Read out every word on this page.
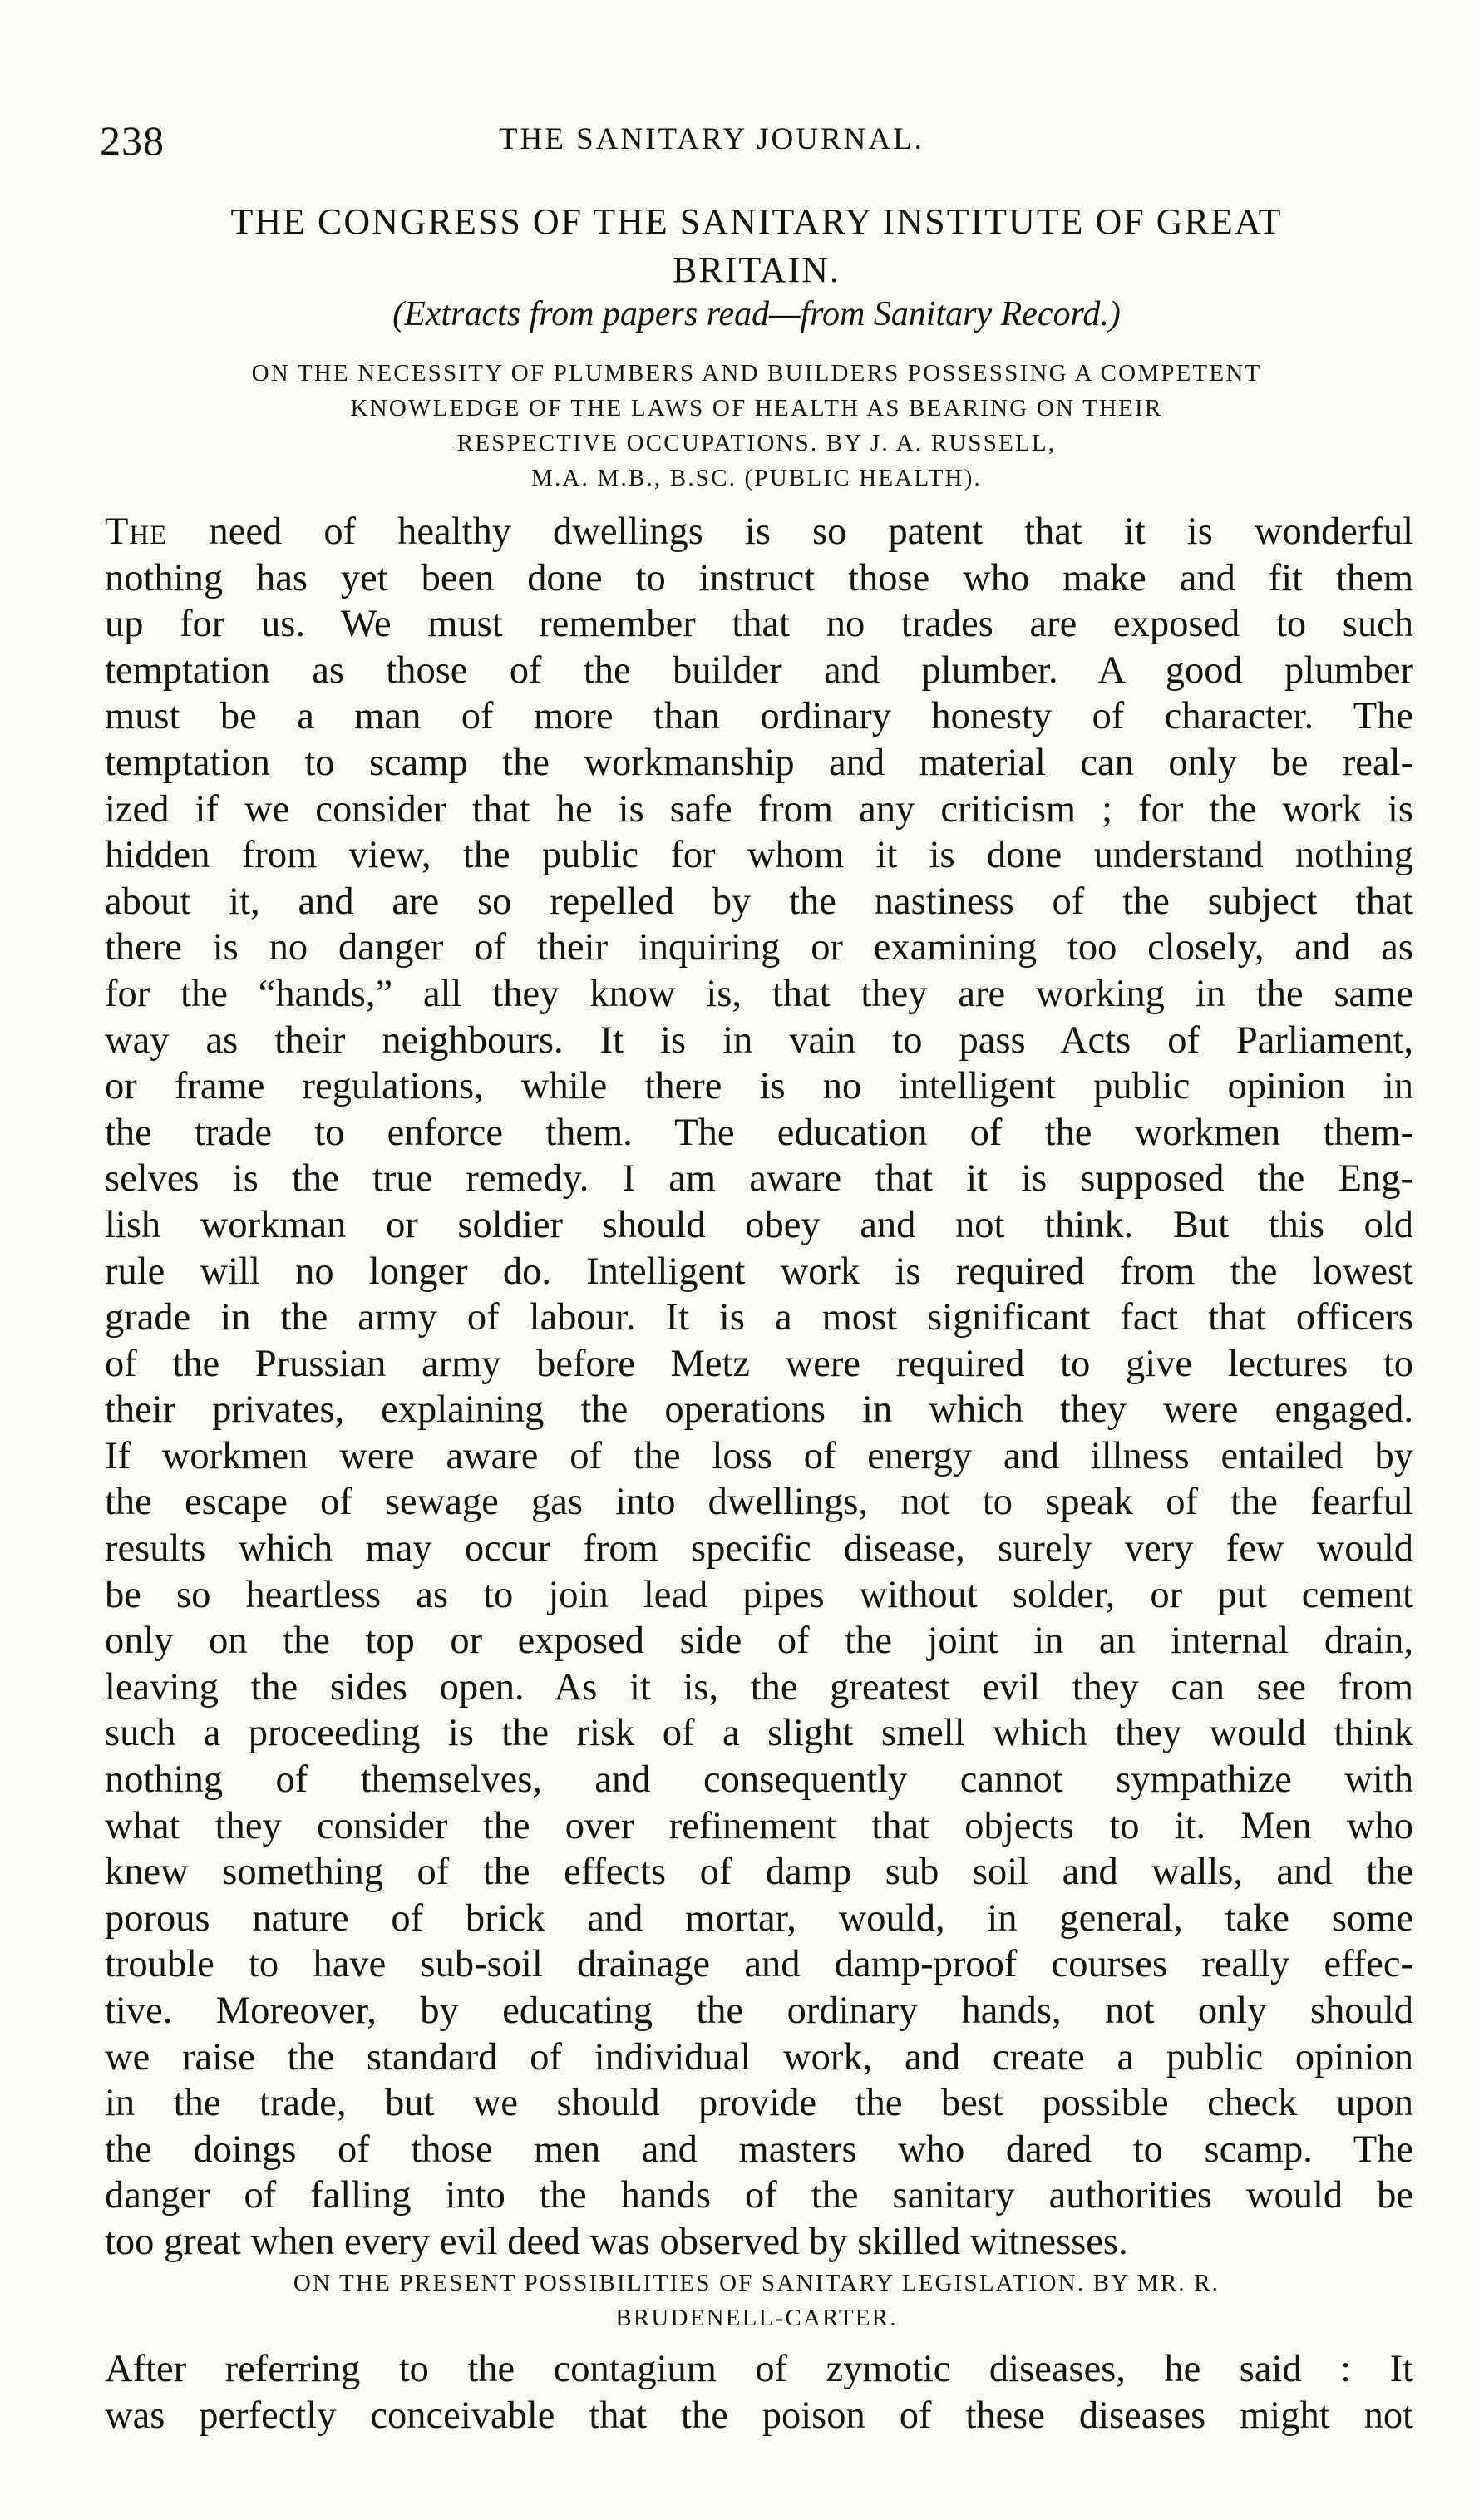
238	THE SANITARY JOURNAL.
THE CONGRESS OF THE SANITARY INSTITUTE OF GREAT
BRITAIN.
(Extracts from papers read—from Sanitary Record.)
ON THE NECESSITY OF PLUMBERS AND BUILDERS POSSESSING A COMPETENT
KNOWLEDGE OF THE LAWS OF HEALTH AS BEARING ON THEIR
RESPECTIVE OCCUPATIONS. BY J. A. RUSSELL,
M.A. M.B., B.SC. (PUBLIC HEALTH).
The need of healthy dwellings is so patent that it is wonderful
nothing has yet been done to instruct those who make and fit them
up for us. We must remember that no trades are exposed to such
temptation as those of the builder and plumber. A good plumber
must be a man of more than ordinary honesty of character. The
temptation to scamp the workmanship and material can only be real-
ized if we consider that he is safe from any criticism ; for the work is
hidden from view, the public for whom it is done understand nothing
about it, and are so repelled by the nastiness of the subject that
there is no danger of their inquiring or examining too closely, and as
for the “hands,” all they know is, that they are working in the same
way as their neighbours. It is in vain to pass Acts of Parliament,
or frame regulations, while there is no intelligent public opinion in
the trade to enforce them. The education of the workmen them-
selves is the true remedy. I am aware that it is supposed the Eng-
lish workman or soldier should obey and not think. But this old
rule will no longer do. Intelligent work is required from the lowest
grade in the army of labour. It is a most significant fact that officers
of the Prussian army before Metz were required to give lectures to
their privates, explaining the operations in which they were engaged.
If workmen were aware of the loss of energy and illness entailed by
the escape of sewage gas into dwellings, not to speak of the fearful
results which may occur from specific disease, surely very few would
be so heartless as to join lead pipes without solder, or put cement
only on the top or exposed side of the joint in an internal drain,
leaving the sides open. As it is, the greatest evil they can see from
such a proceeding is the risk of a slight smell which they would think
nothing of themselves, and consequently cannot sympathize with
what they consider the over refinement that objects to it. Men who
knew something of the effects of damp sub soil and walls, and the
porous nature of brick and mortar, would, in general, take some
trouble to have sub-soil drainage and damp-proof courses really effec-
tive. Moreover, by educating the ordinary hands, not only should
we raise the standard of individual work, and create a public opinion
in the trade, but we should provide the best possible check upon
the doings of those men and masters who dared to scamp. The
danger of falling into the hands of the sanitary authorities would be
too great when every evil deed was observed by skilled witnesses.
ON THE PRESENT POSSIBILITIES OF SANITARY LEGISLATION. BY MR. R.
BRUDENELL-CARTER.
After referring to the contagium of zymotic diseases, he said : It
was perfectly conceivable that the poison of these diseases might not
